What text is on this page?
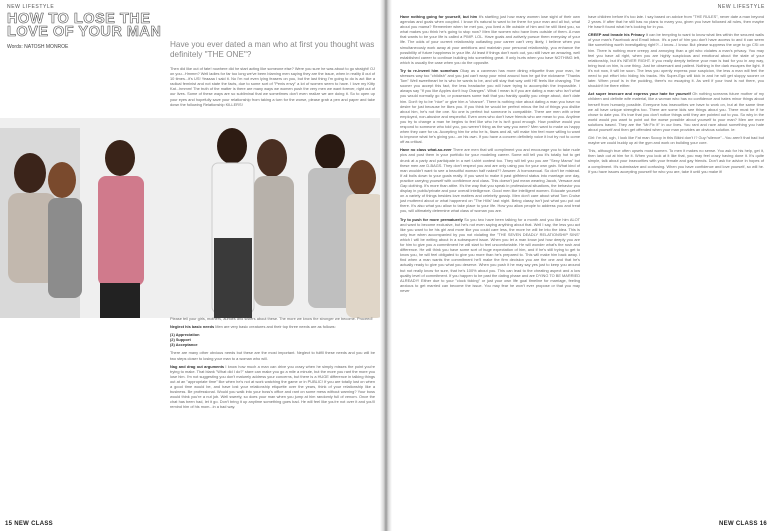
NEW LIFESTYLE
HOW TO LOSE THE LOVE OF YOUR MAN
Words: NATOSH MONROE	Have you ever dated a man who at first you thought was definitely "THE ONE"?

Then did like out of fate! nowhere did he start acting like someone else? Were you sure he was about to go straight! OJ on you...Hmmm? Well ladies for far too long we've been blaming men saying they are the issue, when in reality 8 out of 10 times...it's US! Yeaaaa I said it. No I'm not even lying feasers on you, but the last thing I'm going to do is act like a radical feminist and not state the facts, due to some sort of "Penis envy" a lot of women seem to have. I love my Kitty Kat...hmmm! The truth of the matter is there are many ways we women push the very men we want forever, right out of our lives. Some of these ways are so subliminal that we sometimes don't even realize we are doing it. So to open up your eyes and hopefully save your relationship from taking a turn for the worse, please grab a pen and paper and take down the following Relationship KILLERS!

Please tell your girls, mothers, aunties and sisters about these. The more we know the stronger we become. Proceed!

Neglect his basic needs Men are very basic creatures and their top three needs are as follows:

(1) Appreciation

(2) Support

(3) Acceptance

There are many other obvious needs but these are the most important. Neglect to fulfill these needs and you will be two steps closer to losing your man to a woman who will.

Nag and drag out arguments I know how much a man can drive you crazy when he simply misses the point you're trying to make. That blank "What did I do?" stare can make you go a mile a minute, but the more you rant the more you lose him. I'm not suggesting you don't maturely address your concerns, but there is a HUGE difference in talking things out at an "appropriate time" like when he's not at work watching the game or in PUBLIC! If you are totally lost on when a good time would be, and have lost your relationship etiquette over the years, think of your relationship like a business. Be professional. Would you walk into your boss's office and rant on some mess without warning? Your boss would think you're a nut job. Well sweety, so does your man when you jump at him randomly full of venom. Once the chat has been had, let it go. Don't bring it up anytime something goes bad. He will feel like you're not over it and you'll remind him of his mom...in a bad way.

15 NEW CLASS
NEW LIFESTYLE

Have nothing going for yourself, but him It's startling just how many women lose sight of their own agendas and goals when coupled. I know it's natural to want to be there for your man and all but, what about you mama? Remember when he met you, you lived a life outside of him and he still liked you, so what makes you think he's going to stop now? Men like women who have lives outside of them. A man that wants to be your life is called a PIMP. LOL. Have goals and actively pursue them everyday of your life. The odds of your current relationship outlasting your career can't very likely, I believe when you simultaneously work away at your ambitions and maintain your personal relationship, you enhance the possibility of future happiness in your life. At least if things don't work out, you still have an amazing, well established career to continue building into something great. If only hurts when you have NOTHING left, which is usually the case when you do the opposite.

Try to re-invent him somehow Okay as a caveman has more dining etiquette than your man, he stresses way too "childish" and you just can't wrap your mind around how he got the nickname "Thanks Tom" Well sweetheart he is who he wants to be, and will stay that way until HE feels like changing. The sooner you accept this fact, the less headache you will have trying to accomplish the impossible. I always say "If you like Apples don't buy Oranges". What I mean is if you are dating a man who isn't what you would normally go for, or possesses some trait that you frankly quality you cringe about, don't date him. Don't try to be "nice" or give him a "chance". There is nothing nice about dating a man you have no desire for just because he likes you. If you think he would be perfect minus the list of things you dislike about him, he's not the one. No one is perfect but someone is compatible. There are men with crime employed, non-abusive and respectful. Even ones who don't have friends who are mean to you. Anytime you try to change a man he begins to feel like who he is isn't good enough. How positive would you respond to someone who told you, you weren't thing as the way you were? Men want to make us happy when they care for us. Accepting him for who he is, flaws and all, will make him feel more willing to want to improve what he's giving you...on his own. If you have a concern definitely voice it but try not to come off as critical.

Have no class what-so-ever There are men that will compliment you and encourage you to take nude pics and post them in your portfolio for your modeling career. Some will tell you it's totally hot to get drunk at a party and participate in a wet t-shirt contest too. They will tell you you are "Sexy Mama" but these men are D-BAGS. They don't respect you and are only using you for your own gain. What kind of man wouldn't want to see a beautiful woman half naked?? Answer: A homosexual. So don't be mislead. If all boils down to your goals really. If you want to make it past girlfriend status into marriage one day, practice carrying yourself with confidence and class. This doesn't just mean wearing Jacob, Versace and Gap clothing. It's more than attire. It's the way that you speak in professional situations, the behavior you display in public/private and your overall intelligence. Good men like intelligent women. Educate yourself on a variety of things besides love matters and celebrity gossip. Men don't care about what Tom Cruise just muttered about or what happened on "The Hills" last night. Being classy isn't just what you put out there. It's also what you allow to take place to your life. How you allow people to address you and treat you, will ultimately determine what class of woman you are.

Try to push for more prematurely So you two have been talking for a month and you like him ALOT and want to become exclusive, but he's not even saying anything about that. Well I say, the less you act like you want to be his girl and more like you could care less, the more he will be into the idea. This is only true when accompanied by you not violating the "THE SEVEN DEADLY RELATIONSHIP SINS" which I will be writing about in a subsequent issue. When you let a man know just how deeply you are for him to give you a commitment he will start to feel uncomfortable. He will wonder what's the rush and difference. He will think you have some sort of huge expectation of him, and if he's still trying to get to know you, he will feel obligated to give you more than he's prepared to. This will make him back away. I find when a man wants the commitment he'll make the firm decision you are the one and that he's actually ready to give you what you deserve. When you push it he may say yes just to keep you around but not really know for sure, that he's 100% about you. This can lead to the cheating aspect and a low quality level of commitment. If you happen to be past the dating phase and are DYING TO BE MARRIED ALREADY! Either due to your "clock ticking" or just your own life goal timeline for marriage, feeling anxious to get married can become the issue. You may fear he won't ever propose or that you may never

have children before it's too late. I say based on advice from "THE RULES", never date a man beyond 2 years. If after that he still has no plans to marry you, given you have followed all rules, then maybe He hasn't found what he's looking for in you.

CREEP and Invade his Privacy It can be tempting to want to know what lies within the secured walls of your man's Facebook and Email inbox. It's a part of him you don't have access to and it can seem like something worth investigating right?!...I know...I know. But please suppress the urge to go CSI on him. There is nothing more creepy and annoying than a girl who violates a man's privacy. You may feel you have all right, when you are highly suspicious and emotional about the state of your relationship, but it's NEVER RIGHT. If you really deeply believe your man is bad for you in any way, bring trust on him, is one thing. Just be observant and patient. Nothing in the dark escapes the light. If it's not now, it will be soon. The less you openly express your suspicion, the less a man will feel the need to put effort into hiding his tracks. His Super-Ego will kick in and he will get sloppy sooner or later. When proof is in the pudding, there's no escaping it. As well if your trust is not there, you shouldn't be there either.

Act super insecure and express your hate for yourself Oh nothing screams future mother of my children and definite wife material, like a woman who has no confidence and hates minor things about herself from humanly possible. Everyone has insecurities we have to work on, but at the same time we all have unique strengths too. There are some kids see things about you. There must be if he chose to date you. It's true that you don't notice things until they are pointed out to you. So why in the world would you want to point out the worse possible about yourself to your man? Men are more solutions based. They are the "Mr.Fix It" in our lives. You rant and rave about something you hate about yourself and then get offended when your man provides an obvious solution. ie:

Girl: I'm fat, ugh, I look like Fat man Scoop in this Bikini don't I? Guy:"silence"...You aren't that bad but maybe we could buddy up at the gym and work on building your core.

This, although true often upsets most women. To men it makes no sense. You ask for his help, get it, then lash out at him for it. When you look at it like that, you may feel crazy having done it. It's quite simple, talk about your insecurities with your female and gay friends. Don't ask for advice in hopes of a compliment. It's submissive and confusing. When you have confidence and love yourself, so will he. If you have issues accepting yourself for who you are, take it until you make it!

NEW CLASS 16
